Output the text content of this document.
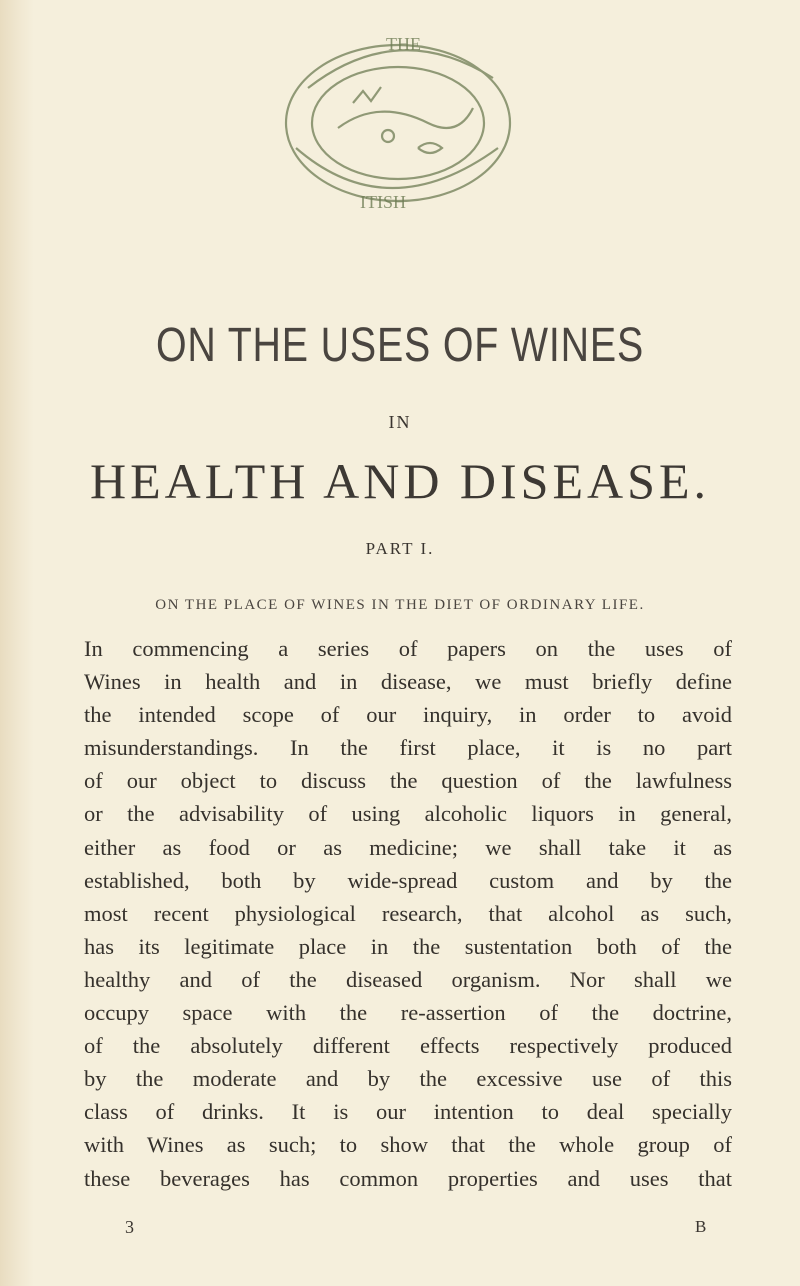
THE
ITISH
ON THE USES OF WINES
IN
HEALTH AND DISEASE.
PART I.
ON THE PLACE OF WINES IN THE DIET OF ORDINARY LIFE.
In commencing a series of papers on the uses of
Wines in health and in disease, we must briefly define
the intended scope of our inquiry, in order to avoid
misunderstandings. In the first place, it is no part
of our object to discuss the question of the lawfulness
or the advisability of using alcoholic liquors in general,
either as food or as medicine; we shall take it as
established, both by wide-spread custom and by the
most recent physiological research, that alcohol as such,
has its legitimate place in the sustentation both of the
healthy and of the diseased organism. Nor shall we
occupy space with the re-assertion of the doctrine,
of the absolutely different effects respectively produced
by the moderate and by the excessive use of this
class of drinks. It is our intention to deal specially
with Wines as such; to show that the whole group of
these beverages has common properties and uses that
3	B
